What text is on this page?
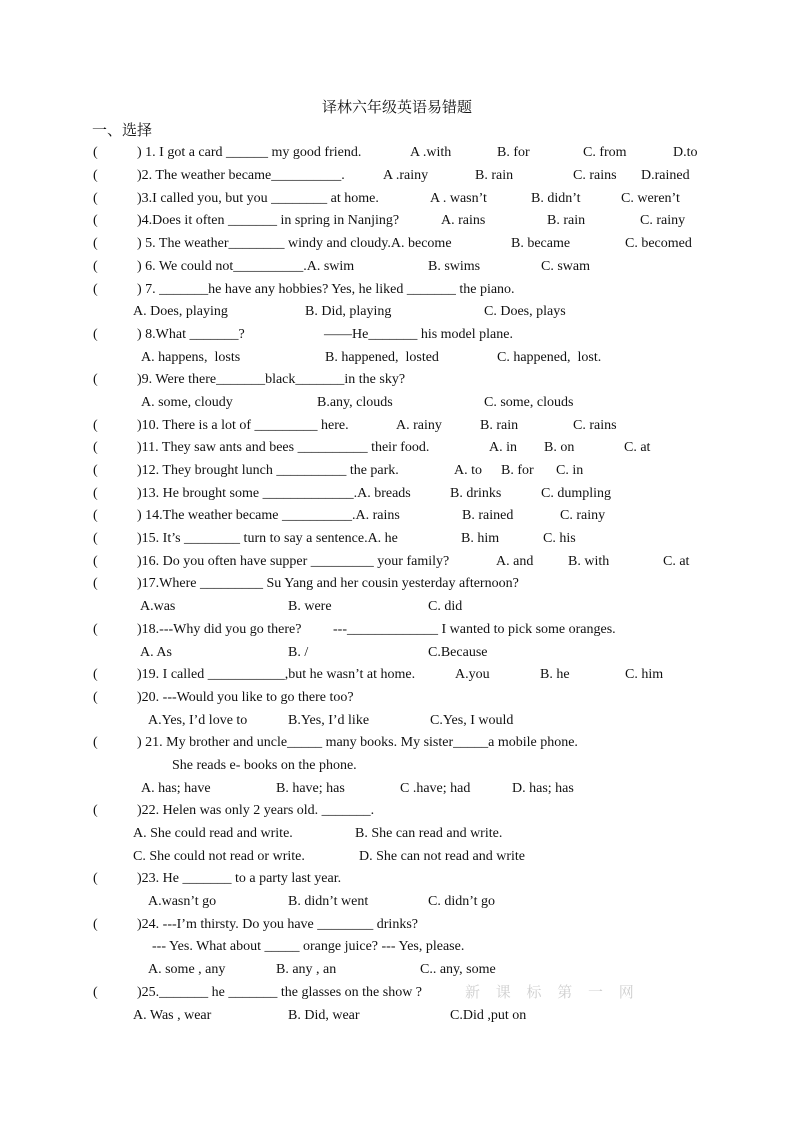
译林六年级英语易错题
一、选择
(	) 1. I got a card ______ my good friend.	A .with	B. for	C. from	D.to
(	)2. The weather became__________.	A .rainy	B. rain	C. rains D.rained
(	)3.I called you, but you ________ at home.	A . wasn’t	B. didn’t	C. weren’t
(	)4.Does it often _______ in spring in Nanjing?	A. rains	B. rain	C. rainy
(	) 5. The weather________ windy and cloudy.A. become	B. became	C. becomed
(	) 6. We could not__________.A. swim	B. swims	C. swam
(	) 7. _______he have any hobbies? Yes, he liked _______ the piano.
A. Does, playing	B. Did, playing	C. Does, plays
(	) 8.What _______?	——He_______ his model plane.
A. happens,  losts	B. happened,  losted	C. happened,  lost.
(	)9. Were there_______black_______in the sky?
A. some, cloudy	B.any, clouds	C. some, clouds
(	)10. There is a lot of _________ here.	A. rainy	B. rain	C. rains
(	)11. They saw ants and bees __________ their food.	A. in B. on	C. at
(	)12. They brought lunch __________ the park.	A. to B. for C. in
(	)13. He brought some _____________.A. breads	B. drinks	C. dumpling
(	) 14.The weather became __________.A. rains	B. rained	C. rainy
(	)15. It’s ________ turn to say a sentence.A. he	B. him	C. his
(	)16. Do you often have supper _________ your family?	A. and B. with	C. at
(	)17.Where _________ Su Yang and her cousin yesterday afternoon?
A.was	B. were	C. did
(	)18.---Why did you go there? ---_____________ I wanted to pick some oranges.
A. As	B. /	C.Because
(	)19. I called ___________,but he wasn’t at home.	A.you	B. he	C. him
(	)20. ---Would you like to go there too?
A.Yes, I’d love to	B.Yes, I’d like	C.Yes, I would
(	) 21. My brother and uncle_____ many books. My sister_____a mobile phone.
She reads e- books on the phone.
A. has; have	B. have; has	C .have; had	D. has; has
(	)22. Helen was only 2 years old. _______.
A. She could read and write.	B. She can read and write.
C. She could not read or write.	D. She can not read and write
(	)23. He _______ to a party last year.
A.wasn’t go	B. didn’t went	C. didn’t go
(	)24. ---I’m thirsty. Do you have ________ drinks?
--- Yes. What about _____ orange juice? --- Yes, please.
A. some , any	B. any , an	C.. any, some
(	)25._______ he _______ the glasses on the show ?	新 课 标 第 一 网
A. Was , wear	B. Did, wear	C.Did ,put on
